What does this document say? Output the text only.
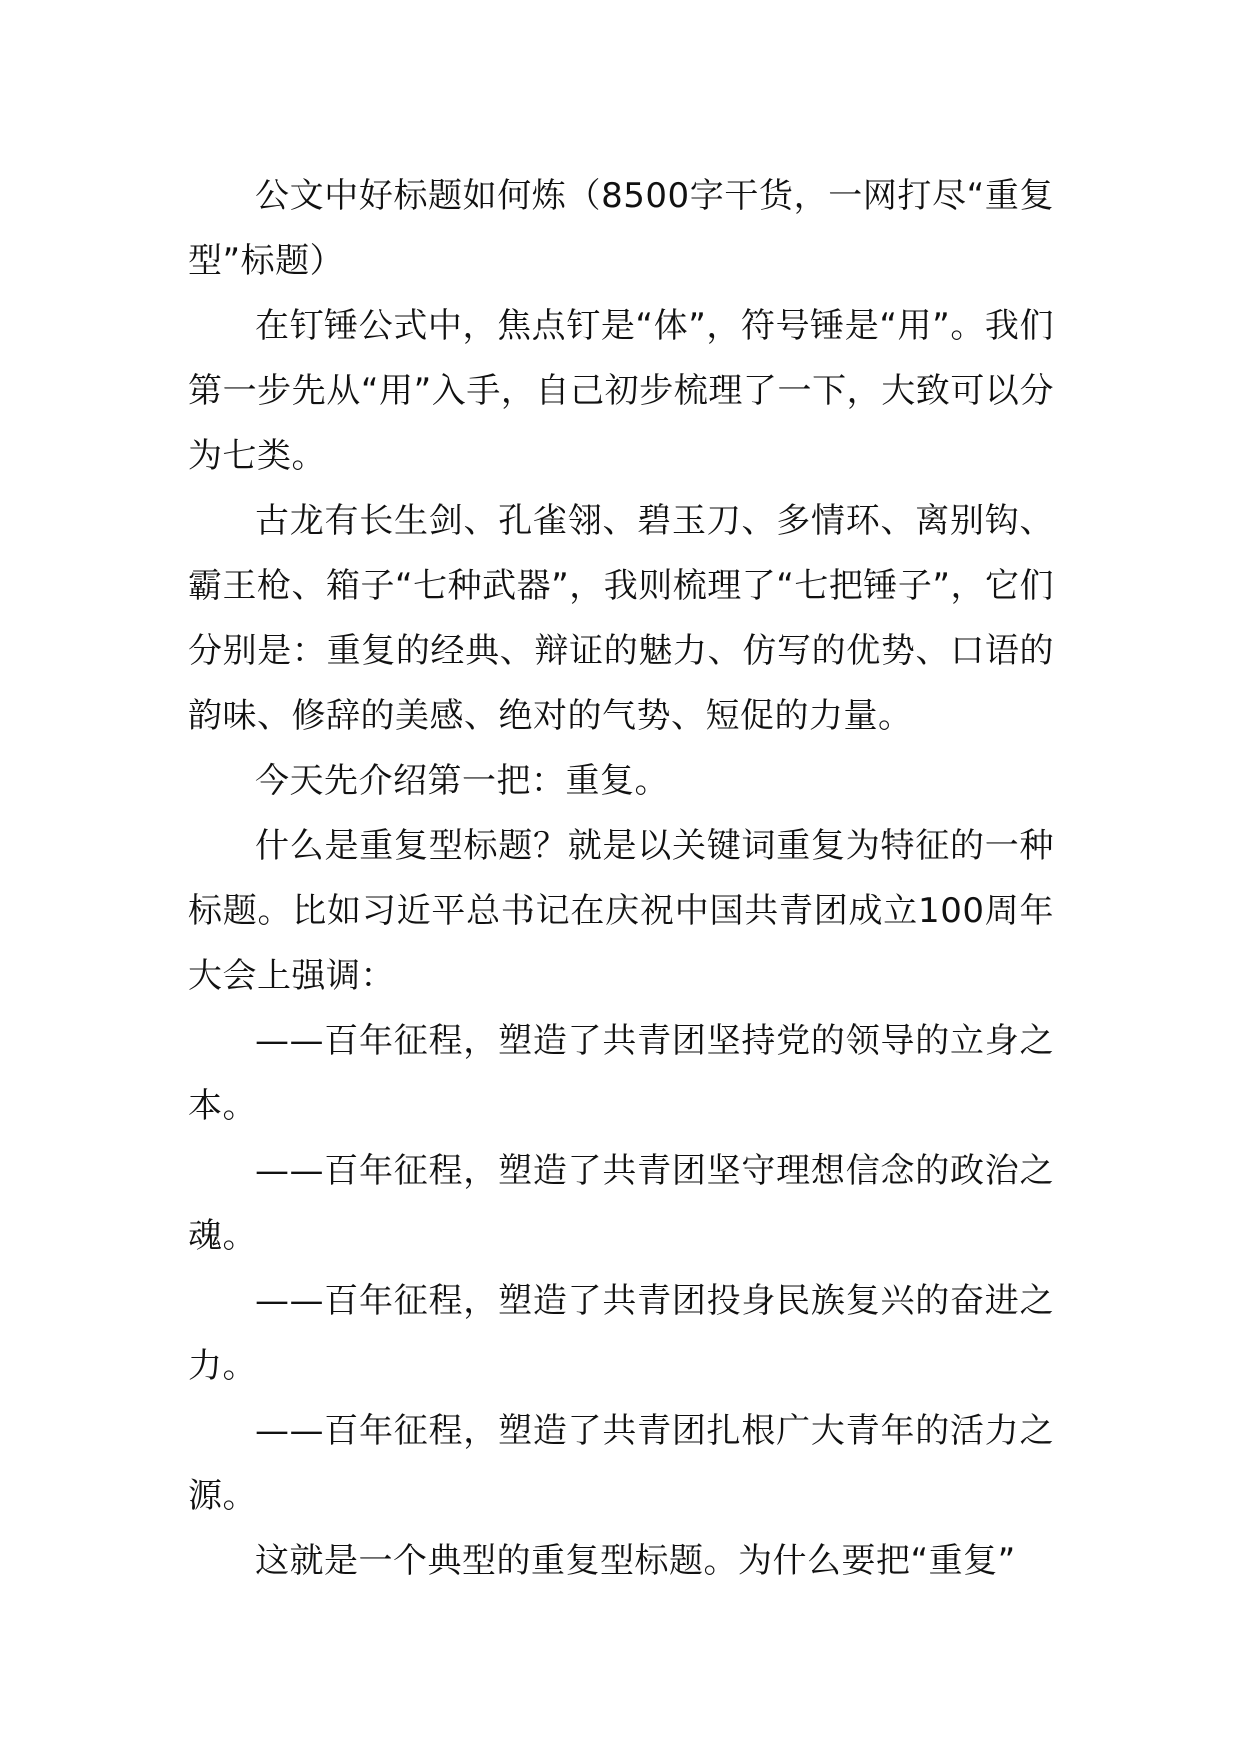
公文中好标题如何炼（8500字干货，一网打尽“重复型”标题）

在钉锤公式中，焦点钉是“体”，符号锤是“用”。我们第一步先从“用”入手，自己初步梳理了一下，大致可以分为七类。

古龙有长生剑、孔雀翎、碧玉刀、多情环、离别钩、霸王枪、箱子“七种武器”，我则梳理了“七把锤子”，它们分别是：重复的经典、辩证的魅力、仿写的优势、口语的韵味、修辞的美感、绝对的气势、短促的力量。

今天先介绍第一把：重复。

什么是重复型标题？就是以关键词重复为特征的一种标题。比如习近平总书记在庆祝中国共青团成立100周年大会上强调：

——百年征程，塑造了共青团坚持党的领导的立身之本。

——百年征程，塑造了共青团坚守理想信念的政治之魂。

——百年征程，塑造了共青团投身民族复兴的奋进之力。

——百年征程，塑造了共青团扎根广大青年的活力之源。

这就是一个典型的重复型标题。为什么要把“重复”
